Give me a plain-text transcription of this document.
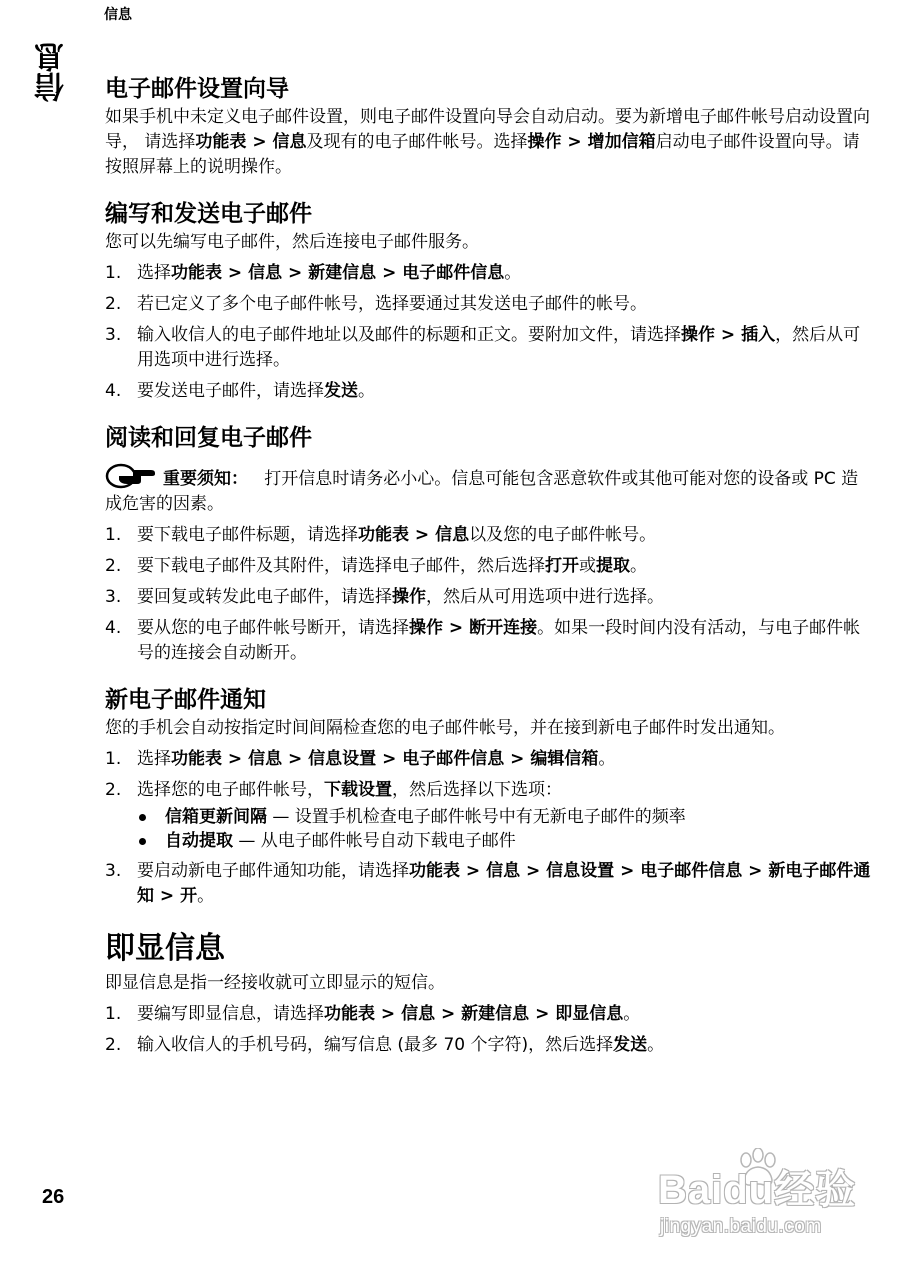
信息
信息 电子邮件设置向导

如果手机中未定义电子邮件设置，则电子邮件设置向导会自动启动。要为新增电子邮件帐号启动设置向导， 请选择功能表 > 信息及现有的电子邮件帐号。选择操作 > 增加信箱启动电子邮件设置向导。请按照屏幕上的说明操作。

编写和发送电子邮件

您可以先编写电子邮件，然后连接电子邮件服务。

1. 选择功能表 > 信息 > 新建信息 > 电子邮件信息。
2. 若已定义了多个电子邮件帐号，选择要通过其发送电子邮件的帐号。
3. 输入收信人的电子邮件地址以及邮件的标题和正文。要附加文件，请选择操作 > 插入，然后从可用选项中进行选择。
4. 要发送电子邮件，请选择发送。
阅读和回复电子邮件

重要须知： 打开信息时请务必小心。信息可能包含恶意软件或其他可能对您的设备或 PC 造成危害的因素。

1. 要下载电子邮件标题，请选择功能表 > 信息以及您的电子邮件帐号。
2. 要下载电子邮件及其附件，请选择电子邮件，然后选择打开或提取。
3. 要回复或转发此电子邮件，请选择操作，然后从可用选项中进行选择。
4. 要从您的电子邮件帐号断开，请选择操作 > 断开连接。如果一段时间内没有活动，与电子邮件帐号的连接会自动断开。
新电子邮件通知

您的手机会自动按指定时间间隔检查您的电子邮件帐号，并在接到新电子邮件时发出通知。

1. 选择功能表 > 信息 > 信息设置 > 电子邮件信息 > 编辑信箱。
2. 选择您的电子邮件帐号，下载设置，然后选择以下选项：
信箱更新间隔 — 设置手机检查电子邮件帐号中有无新电子邮件的频率
自动提取 — 从电子邮件帐号自动下载电子邮件
3. 要启动新电子邮件通知功能，请选择功能表 > 信息 > 信息设置 > 电子邮件信息 > 新电子邮件通知 > 开。
即显信息

即显信息是指一经接收就可立即显示的短信。

1. 要编写即显信息，请选择功能表 > 信息 > 新建信息 > 即显信息。
2. 输入收信人的手机号码，编写信息 (最多 70 个字符)，然后选择发送。
26	Baidu经验
jingyan.baidu.com
